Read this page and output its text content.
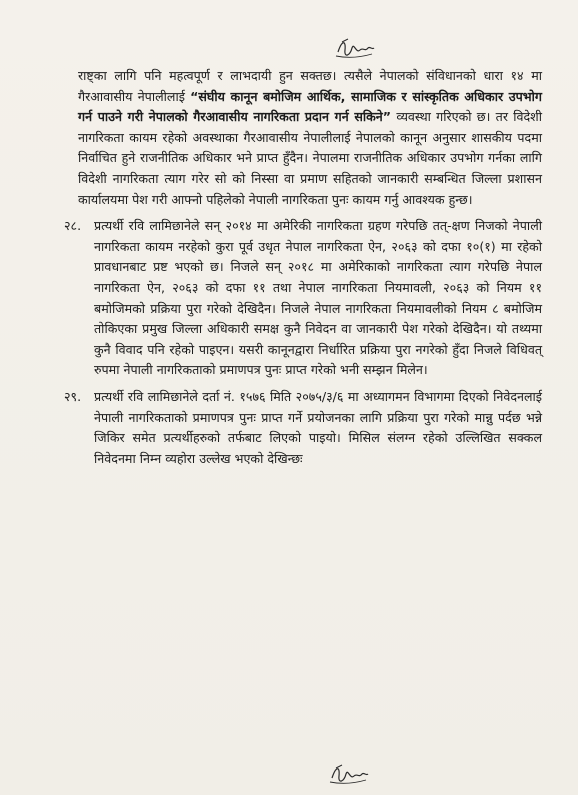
राष्ट्का लागि पनि महत्वपूर्ण र लाभदायी हुन सक्तछ। त्यसैले नेपालको संविधानको धारा १४ मा गैरआवासीय नेपालीलाई “संघीय कानून बमोजिम आर्थिक, सामाजिक र सांस्कृतिक अधिकार उपभोग गर्न पाउने गरी नेपालको गैरआवासीय नागरिकता प्रदान गर्न सकिने” व्यवस्था गरिएको छ। तर विदेशी नागरिकता कायम रहेको अवस्थाका गैरआवासीय नेपालीलाई नेपालको कानून अनुसार शासकीय पदमा निर्वाचित हुने राजनीतिक अधिकार भने प्राप्त हुँदैन। नेपालमा राजनीतिक अधिकार उपभोग गर्नका लागि विदेशी नागरिकता त्याग गरेर सो को निस्सा वा प्रमाण सहितको जानकारी सम्बन्धित जिल्ला प्रशासन कार्यालयमा पेश गरी आफ्नो पहिलेको नेपाली नागरिकता पुनः कायम गर्नु आवश्यक हुन्छ।

२८.	प्रत्यर्थी रवि लामिछानेले सन् २०१४ मा अमेरिकी नागरिकता ग्रहण गरेपछि तत्-क्षण निजको नेपाली नागरिकता कायम नरहेको कुरा पूर्व उधृत नेपाल नागरिकता ऐन, २०६३ को दफा १०(१) मा रहेको प्रावधानबाट प्रष्ट भएको छ। निजले सन् २०१८ मा अमेरिकाको नागरिकता त्याग गरेपछि नेपाल नागरिकता ऐन, २०६३ को दफा ११ तथा नेपाल नागरिकता नियमावली, २०६३ को नियम ११ बमोजिमको प्रक्रिया पुरा गरेको देखिदैन। निजले नेपाल नागरिकता नियमावलीको नियम ८ बमोजिम तोकिएका प्रमुख जिल्ला अधिकारी समक्ष कुनै निवेदन वा जानकारी पेश गरेको देखिदैन। यो तथ्यमा कुनै विवाद पनि रहेको पाइएन। यसरी कानूनद्वारा निर्धारित प्रक्रिया पुरा नगरेको हुँदा निजले विधिवत् रुपमा नेपाली नागरिकताको प्रमाणपत्र पुनः प्राप्त गरेको भनी सम्झन मिलेन।
२९.	प्रत्यर्थी रवि लामिछानेले दर्ता नं. १५७६ मिति २०७५/३/६ मा अध्यागमन विभागमा दिएको निवेदनलाई नेपाली नागरिकताको प्रमाणपत्र पुनः प्राप्त गर्ने प्रयोजनका लागि प्रक्रिया पुरा गरेको मान्नु पर्दछ भन्ने जिकिर समेत प्रत्यर्थीहरुको तर्फबाट लिएको पाइयो। मिसिल संलग्न रहेको उल्लिखित सक्कल निवेदनमा निम्न व्यहोरा उल्लेख भएको देखिन्छः
